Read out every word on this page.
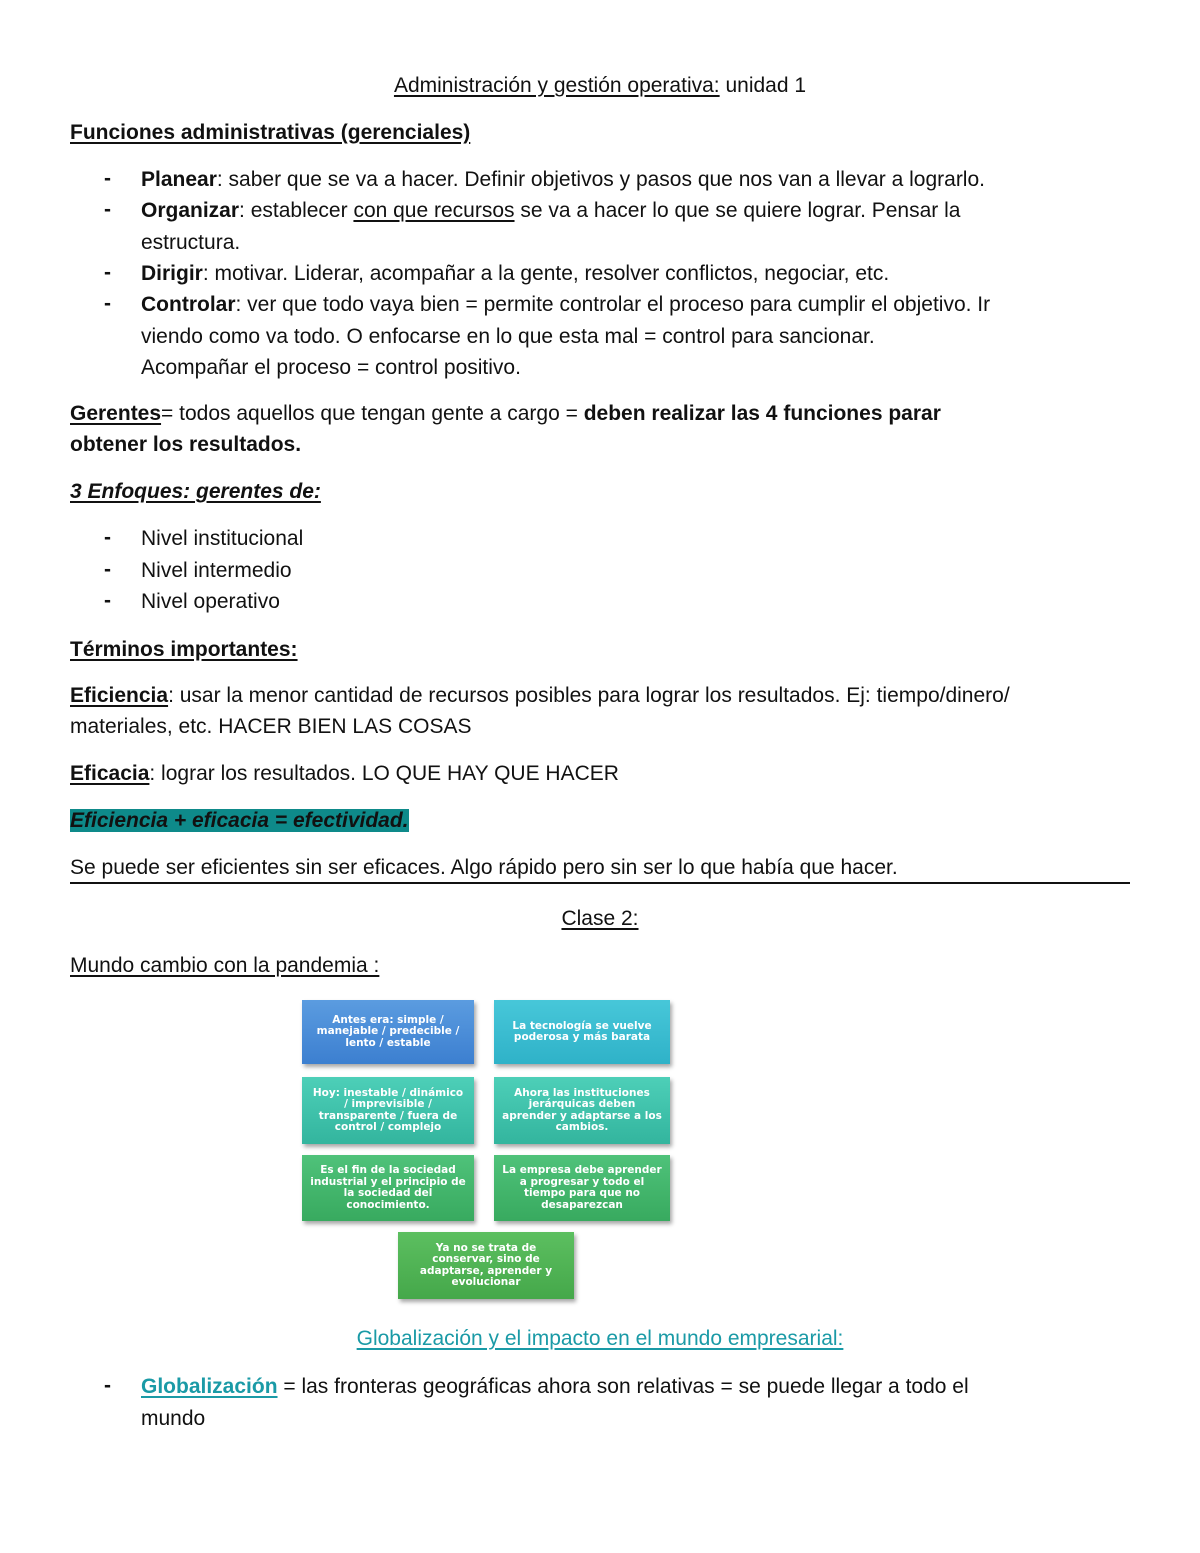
Administración y gestión operativa: unidad 1
Funciones administrativas (gerenciales)
- Planear: saber que se va a hacer. Definir objetivos y pasos que nos van a llevar a lograrlo.
- Organizar: establecer con que recursos se va a hacer lo que se quiere lograr. Pensar la
estructura.
- Dirigir: motivar. Liderar, acompañar a la gente, resolver conflictos, negociar, etc.
- Controlar: ver que todo vaya bien = permite controlar el proceso para cumplir el objetivo. Ir
viendo como va todo. O enfocarse en lo que esta mal = control para sancionar.
Acompañar el proceso = control positivo.
Gerentes= todos aquellos que tengan gente a cargo = deben realizar las 4 funciones parar
obtener los resultados.
3 Enfoques: gerentes de:
- Nivel institucional
- Nivel intermedio
- Nivel operativo
Términos importantes:
Eficiencia: usar la menor cantidad de recursos posibles para lograr los resultados. Ej: tiempo/dinero/
materiales, etc. HACER BIEN LAS COSAS
Eficacia: lograr los resultados. LO QUE HAY QUE HACER
Eficiencia + eficacia = efectividad.
Se puede ser eficientes sin ser eficaces. Algo rápido pero sin ser lo que había que hacer.
Clase 2:
Mundo cambio con la pandemia :
Antes era: simple / manejable / predecible / lento / estable
La tecnología se vuelve poderosa y más barata
Hoy: inestable / dinámico / imprevisible / transparente / fuera de control / complejo
Ahora las instituciones jerárquicas deben aprender y adaptarse a los cambios.
Es el fin de la sociedad industrial y el principio de la sociedad del conocimiento.
La empresa debe aprender a progresar y todo el tiempo para que no desaparezcan
Ya no se trata de conservar, sino de adaptarse, aprender y evolucionar
Globalización y el impacto en el mundo empresarial:
- Globalización = las fronteras geográficas ahora son relativas = se puede llegar a todo el
mundo
